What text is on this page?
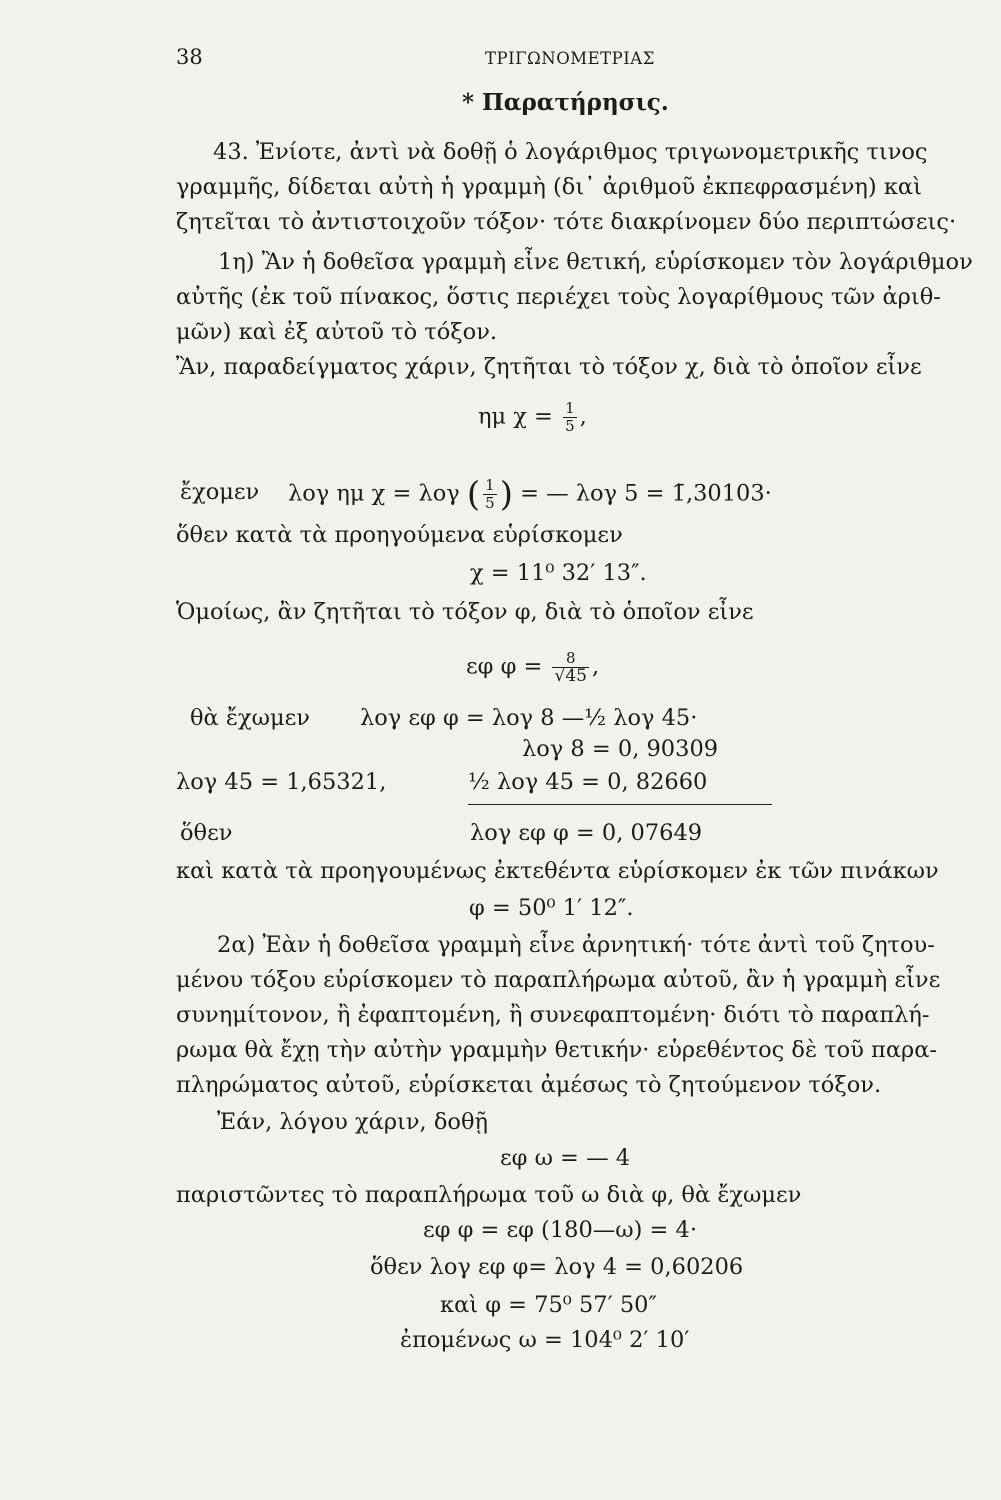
38	ΤΡΙΓΩΝΟΜΕΤΡΙΑΣ
* Παρατήρησις.
43. Ἐνίοτε, ἀντὶ νὰ δοθῇ ὁ λογάριθμος τριγωνομετρικῆς τινος
γραμμῆς, δίδεται αὐτὴ ἡ γραμμὴ (δι᾽ ἀριθμοῦ ἐκπεφρασμένη) καὶ
ζητεῖται τὸ ἀντιστοιχοῦν τόξον· τότε διακρίνομεν δύο περιπτώσεις·
1η) Ἂν ἡ δοθεῖσα γραμμὴ εἶνε θετική, εὑρίσκομεν τὸν λογάριθμον
αὐτῆς (ἐκ τοῦ πίνακος, ὅστις περιέχει τοὺς λογαρίθμους τῶν ἀριθ-
μῶν) καὶ ἐξ αὐτοῦ τὸ τόξον.
Ἂν, παραδείγματος χάριν, ζητῆται τὸ τόξον χ, διὰ τὸ ὁποῖον εἶνε
ημ $\chi = \frac{1}{5}$ ,
ἔχομεν λογ ημ χ = λογ ( $\frac{1}{5}$ ) = — λογ 5 = 1̄,30103·
ὅθεν κατὰ τὰ προηγούμενα εὑρίσκομεν
χ = 11⁰ 32′ 13″.
Ὁμοίως, ἂν ζητῆται τὸ τόξον φ, διὰ τὸ ὁποῖον εἶνε
εφ $\varphi = \frac{8}{√45}$ ,
θὰ ἔχωμεν λογ εφ φ = λογ 8 —½ λογ 45·
λογ 8 = 0, 90309
λογ 45 = 1,65321,	½ λογ 45 = 0, 82660
ὅθεν	λογ εφ φ = 0, 07649
καὶ κατὰ τὰ προηγουμένως ἐκτεθέντα εὑρίσκομεν ἐκ τῶν πινάκων
φ = 50⁰ 1′ 12″.
2α) Ἐὰν ἡ δοθεῖσα γραμμὴ εἶνε ἀρνητική· τότε ἀντὶ τοῦ ζητου-
μένου τόξου εὑρίσκομεν τὸ παραπλήρωμα αὐτοῦ, ἂν ἡ γραμμὴ εἶνε
συνημίτονον, ἢ ἐφαπτομένη, ἢ συνεφαπτομένη· διότι τὸ παραπλή-
ρωμα θὰ ἔχῃ τὴν αὐτὴν γραμμὴν θετικήν· εὑρεθέντος δὲ τοῦ παρα-
πληρώματος αὐτοῦ, εὑρίσκεται ἀμέσως τὸ ζητούμενον τόξον.
Ἐάν, λόγου χάριν, δοθῇ
εφ ω = — 4
παριστῶντες τὸ παραπλήρωμα τοῦ ω διὰ φ, θὰ ἔχωμεν
εφ φ = εφ (180—ω) = 4·
ὅθεν λογ εφ φ= λογ 4 = 0,60206
καὶ φ = 75⁰ 57′ 50″
ἐπομένως ω = 104⁰ 2′ 10′
